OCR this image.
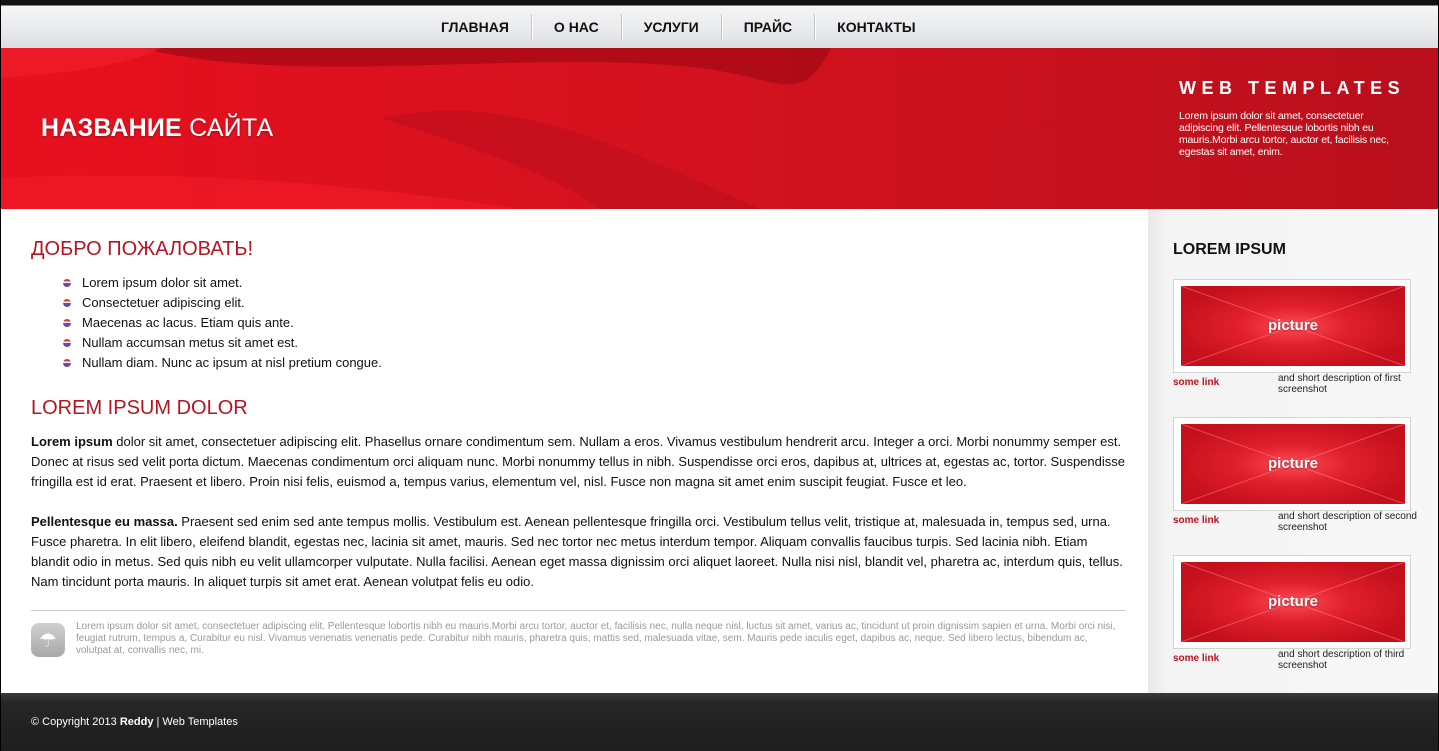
ГЛАВНАЯ	О НАС	УСЛУГИ	ПРАЙС	КОНТАКТЫ
НАЗВАНИЕ САЙТА
WEB TEMPLATES
Lorem ipsum dolor sit amet, consectetuer adipiscing elit. Pellentesque lobortis nibh eu mauris.Morbi arcu tortor, auctor et, facilisis nec, egestas sit amet, enim.
ДОБРО ПОЖАЛОВАТЬ!
Lorem ipsum dolor sit amet.
Consectetuer adipiscing elit.
Maecenas ac lacus. Etiam quis ante.
Nullam accumsan metus sit amet est.
Nullam diam. Nunc ac ipsum at nisl pretium congue.
LOREM IPSUM DOLOR

Lorem ipsum dolor sit amet, consectetuer adipiscing elit. Phasellus ornare condimentum sem. Nullam a eros. Vivamus vestibulum hendrerit arcu. Integer a orci. Morbi nonummy semper est. Donec at risus sed velit porta dictum. Maecenas condimentum orci aliquam nunc. Morbi nonummy tellus in nibh. Suspendisse orci eros, dapibus at, ultrices at, egestas ac, tortor. Suspendisse fringilla est id erat. Praesent et libero. Proin nisi felis, euismod a, tempus varius, elementum vel, nisl. Fusce non magna sit amet enim suscipit feugiat. Fusce et leo.

Pellentesque eu massa. Praesent sed enim sed ante tempus mollis. Vestibulum est. Aenean pellentesque fringilla orci. Vestibulum tellus velit, tristique at, malesuada in, tempus sed, urna. Fusce pharetra. In elit libero, eleifend blandit, egestas nec, lacinia sit amet, mauris. Sed nec tortor nec metus interdum tempor. Aliquam convallis faucibus turpis. Sed lacinia nibh. Etiam blandit odio in metus. Sed quis nibh eu velit ullamcorper vulputate. Nulla facilisi. Aenean eget massa dignissim orci aliquet laoreet. Nulla nisi nisl, blandit vel, pharetra ac, interdum quis, tellus. Nam tincidunt porta mauris. In aliquet turpis sit amet erat. Aenean volutpat felis eu odio.

☂

Lorem ipsum dolor sit amet, consectetuer adipiscing elit. Pellentesque lobortis nibh eu mauris.Morbi arcu tortor, auctor et, facilisis nec, nulla neque nisl, luctus sit amet, varius ac, tincidunt ut proin dignissim sapien et urna. Morbi orci nisi, feugiat rutrum, tempus a, Curabitur eu nisl. Vivamus venenatis venenatis pede. Curabitur nibh mauris, pharetra quis, mattis sed, malesuada vitae, sem. Mauris pede iaculis eget, dapibus ac, neque. Sed libero lectus, bibendum ac, volutpat at, convallis nec, mi.

LOREM IPSUM
picture
some link	and short description of first screenshot
picture
some link	and short description of second screenshot
picture
some link	and short description of third screenshot
© Copyright 2013 Reddy | Web Templates
